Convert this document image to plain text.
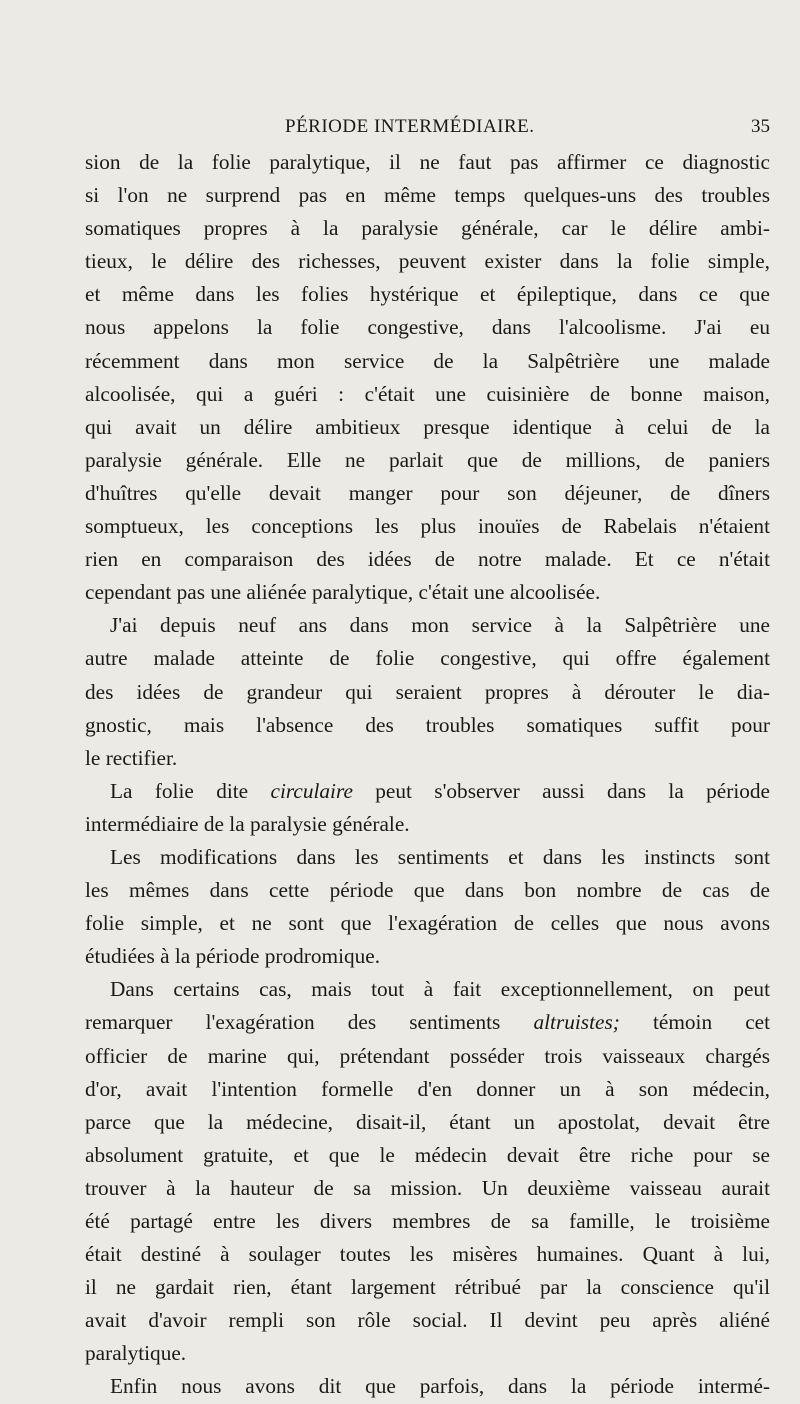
PÉRIODE INTERMÉDIAIRE.	35
sion de la folie paralytique, il ne faut pas affirmer ce diagnostic
si l'on ne surprend pas en même temps quelques-uns des troubles
somatiques propres à la paralysie générale, car le délire ambi-
tieux, le délire des richesses, peuvent exister dans la folie simple,
et même dans les folies hystérique et épileptique, dans ce que
nous appelons la folie congestive, dans l'alcoolisme. J'ai eu
récemment dans mon service de la Salpêtrière une malade
alcoolisée, qui a guéri : c'était une cuisinière de bonne maison,
qui avait un délire ambitieux presque identique à celui de la
paralysie générale. Elle ne parlait que de millions, de paniers
d'huîtres qu'elle devait manger pour son déjeuner, de dîners
somptueux, les conceptions les plus inouïes de Rabelais n'étaient
rien en comparaison des idées de notre malade. Et ce n'était
cependant pas une aliénée paralytique, c'était une alcoolisée.
J'ai depuis neuf ans dans mon service à la Salpêtrière une
autre malade atteinte de folie congestive, qui offre également
des idées de grandeur qui seraient propres à dérouter le dia-
gnostic, mais l'absence des troubles somatiques suffit pour
le rectifier.
La folie dite circulaire peut s'observer aussi dans la période
intermédiaire de la paralysie générale.
Les modifications dans les sentiments et dans les instincts sont
les mêmes dans cette période que dans bon nombre de cas de
folie simple, et ne sont que l'exagération de celles que nous avons
étudiées à la période prodromique.
Dans certains cas, mais tout à fait exceptionnellement, on peut
remarquer l'exagération des sentiments altruistes; témoin cet
officier de marine qui, prétendant posséder trois vaisseaux chargés
d'or, avait l'intention formelle d'en donner un à son médecin,
parce que la médecine, disait-il, étant un apostolat, devait être
absolument gratuite, et que le médecin devait être riche pour se
trouver à la hauteur de sa mission. Un deuxième vaisseau aurait
été partagé entre les divers membres de sa famille, le troisième
était destiné à soulager toutes les misères humaines. Quant à lui,
il ne gardait rien, étant largement rétribué par la conscience qu'il
avait d'avoir rempli son rôle social. Il devint peu après aliéné
paralytique.
Enfin nous avons dit que parfois, dans la période intermé-
